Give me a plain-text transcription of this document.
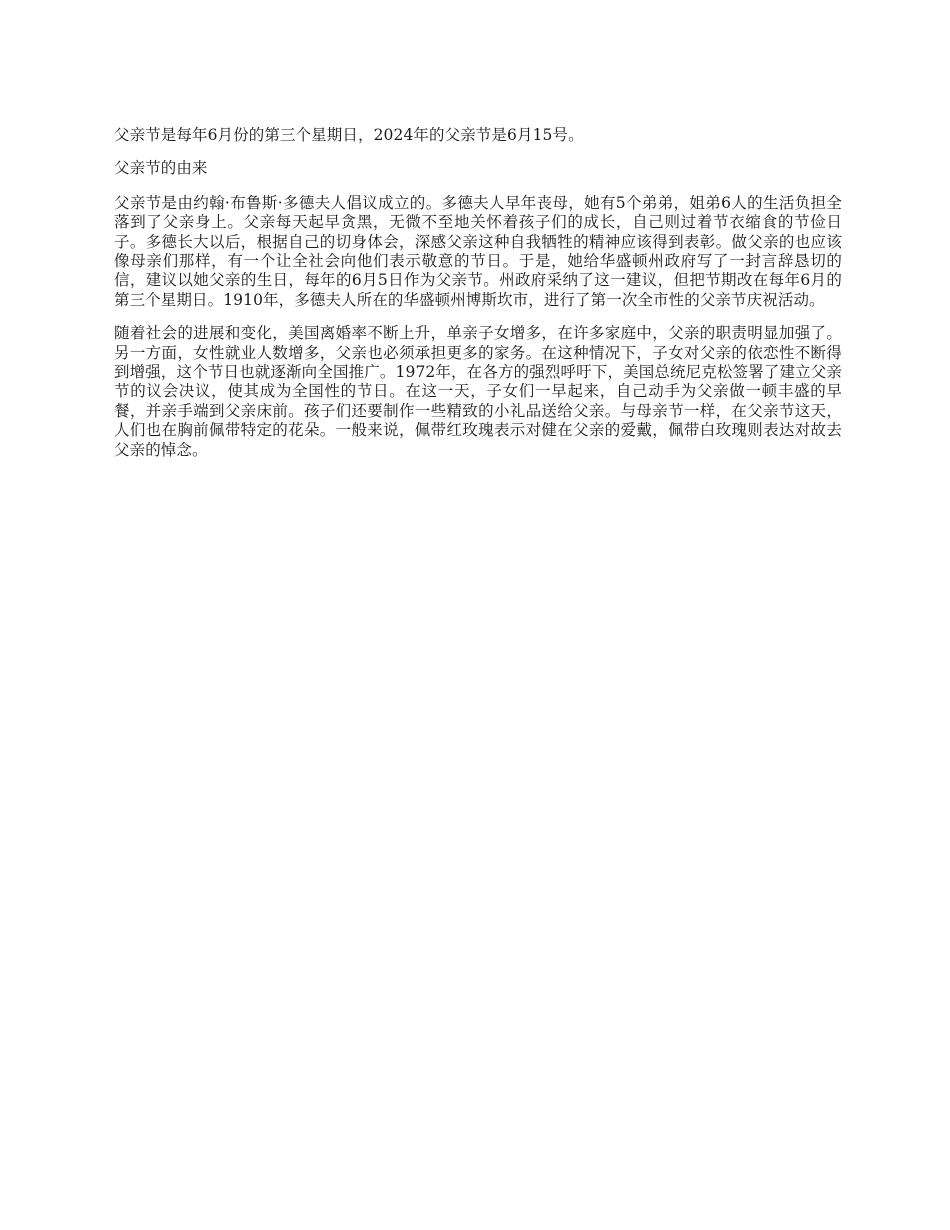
父亲节是每年6月份的第三个星期日，2024年的父亲节是6月15号。

父亲节的由来

父亲节是由约翰·布鲁斯·多德夫人倡议成立的。多德夫人早年丧母，她有5个弟弟，姐弟6人的生活负担全落到了父亲身上。父亲每天起早贪黑，无微不至地关怀着孩子们的成长，自己则过着节衣缩食的节俭日子。多德长大以后，根据自己的切身体会，深感父亲这种自我牺牲的精神应该得到表彰。做父亲的也应该像母亲们那样，有一个让全社会向他们表示敬意的节日。于是，她给华盛顿州政府写了一封言辞恳切的信，建议以她父亲的生日，每年的6月5日作为父亲节。州政府采纳了这一建议，但把节期改在每年6月的第三个星期日。1910年，多德夫人所在的华盛顿州博斯坎市，进行了第一次全市性的父亲节庆祝活动。

随着社会的进展和变化，美国离婚率不断上升，单亲子女增多，在许多家庭中，父亲的职责明显加强了。另一方面，女性就业人数增多，父亲也必须承担更多的家务。在这种情况下，子女对父亲的依恋性不断得到增强，这个节日也就逐渐向全国推广。1972年，在各方的强烈呼吁下，美国总统尼克松签署了建立父亲节的议会决议，使其成为全国性的节日。在这一天，子女们一早起来，自己动手为父亲做一顿丰盛的早餐，并亲手端到父亲床前。孩子们还要制作一些精致的小礼品送给父亲。与母亲节一样，在父亲节这天，人们也在胸前佩带特定的花朵。一般来说，佩带红玫瑰表示对健在父亲的爱戴，佩带白玫瑰则表达对故去父亲的悼念。
